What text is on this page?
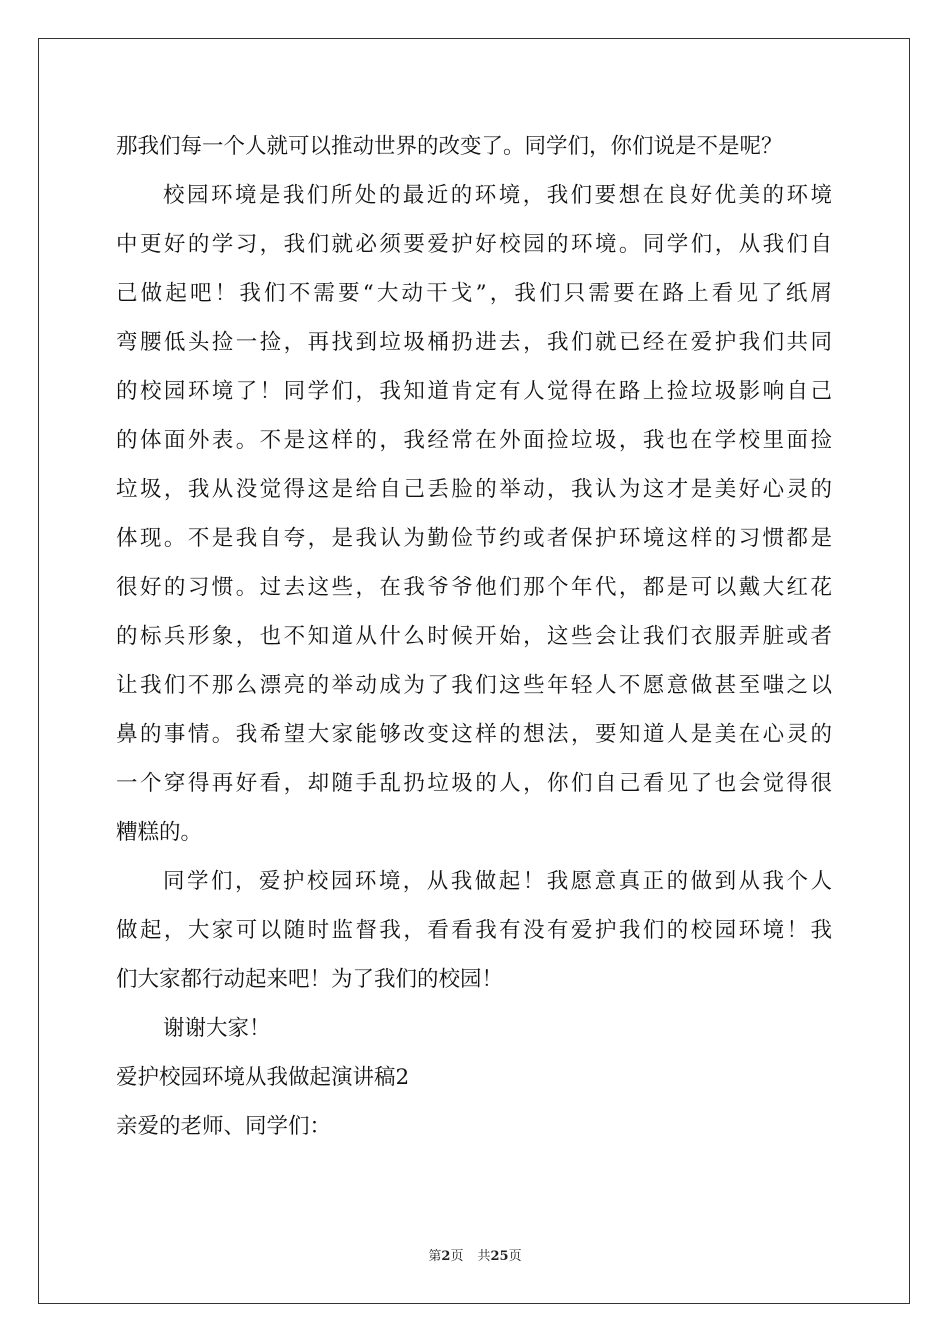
那我们每一个人就可以推动世界的改变了。同学们，你们说是不是呢？
校园环境是我们所处的最近的环境，我们要想在良好优美的环境
中更好的学习，我们就必须要爱护好校园的环境。同学们，从我们自
己做起吧！我们不需要“大动干戈”，我们只需要在路上看见了纸屑
弯腰低头捡一捡，再找到垃圾桶扔进去，我们就已经在爱护我们共同
的校园环境了！同学们，我知道肯定有人觉得在路上捡垃圾影响自己
的体面外表。不是这样的，我经常在外面捡垃圾，我也在学校里面捡
垃圾，我从没觉得这是给自己丢脸的举动，我认为这才是美好心灵的
体现。不是我自夸，是我认为勤俭节约或者保护环境这样的习惯都是
很好的习惯。过去这些，在我爷爷他们那个年代，都是可以戴大红花
的标兵形象，也不知道从什么时候开始，这些会让我们衣服弄脏或者
让我们不那么漂亮的举动成为了我们这些年轻人不愿意做甚至嗤之以
鼻的事情。我希望大家能够改变这样的想法，要知道人是美在心灵的
一个穿得再好看，却随手乱扔垃圾的人，你们自己看见了也会觉得很
糟糕的。
同学们，爱护校园环境，从我做起！我愿意真正的做到从我个人
做起，大家可以随时监督我，看看我有没有爱护我们的校园环境！我
们大家都行动起来吧！为了我们的校园！
谢谢大家！
爱护校园环境从我做起演讲稿2
亲爱的老师、同学们：
第2页 共25页
